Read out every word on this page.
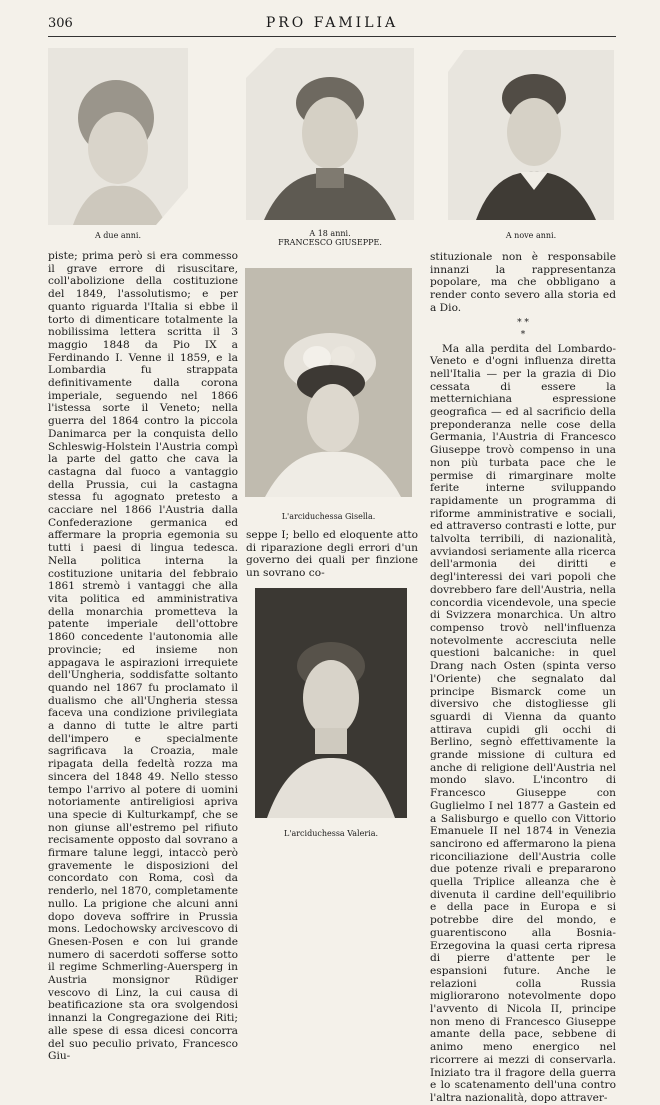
306	PRO FAMILIA
A due anni.	A 18 anni.
FRANCESCO GIUSEPPE.
A nove anni.

piste; prima però si era commesso il grave errore di risuscitare, coll'abolizione della costituzione del 1849, l'assolutismo; e per quanto riguarda l'Italia si ebbe il torto di dimenticare totalmente la nobilissima lettera scritta il 3 maggio 1848 da Pio IX a Ferdinando I. Venne il 1859, e la Lombardia fu strappata definitivamente dalla corona imperiale, seguendo nel 1866 l'istessa sorte il Veneto; nella guerra del 1864 contro la piccola Danimarca per la conquista dello Schleswig-Holstein l'Austria compì la parte del gatto che cava la castagna dal fuoco a vantaggio della Prussia, cui la castagna stessa fu agognato pretesto a cacciare nel 1866 l'Austria dalla Confederazione germanica ed affermare la propria egemonia su tutti i paesi di lingua tedesca. Nella politica interna la costituzione unitaria del febbraio 1861 stremò i vantaggi che alla vita politica ed amministrativa della monarchia prometteva la patente imperiale dell'ottobre 1860 concedente l'autonomia alle provincie; ed insieme non appagava le aspirazioni irrequiete dell'Ungheria, soddisfatte soltanto quando nel 1867 fu proclamato il dualismo che all'Ungheria stessa faceva una condizione privilegiata a danno di tutte le altre parti dell'impero e specialmente sagrificava la Croazia, male ripagata della fedeltà rozza ma sincera del 1848 49. Nello stesso tempo l'arrivo al potere di uomini notoriamente antireligiosi apriva una specie di Kulturkampf, che se non giunse all'estremo pel rifiuto recisamente opposto dal sovrano a firmare talune leggi, intaccò però gravemente le disposizioni del concordato con Roma, così da renderlo, nel 1870, completamente nullo. La prigione che alcuni anni dopo doveva soffrire in Prussia mons. Ledochowsky arcivescovo di Gnesen-Posen e con lui grande numero di sacerdoti sofferse sotto il regime Schmerling-Auersperg in Austria monsignor Rüdiger vescovo di Linz, la cui causa di beatificazione sta ora svolgendosi innanzi la Congregazione dei Riti; alle spese di essa dicesi concorra del suo peculio privato, Francesco Giu-

L'arciduchessa Gisella.

seppe I; bello ed eloquente atto di riparazione degli errori d'un governo dei quali per finzione un sovrano co-

L'arciduchessa Valeria.

stituzionale non è responsabile innanzi la rappresentanza popolare, ma che obbligano a render conto severo alla storia ed a Dio.

* *
*

Ma alla perdita del Lombardo-Veneto e d'ogni influenza diretta nell'Italia — per la grazia di Dio cessata di essere la metternichiana espressione geografica — ed al sacrificio della preponderanza nelle cose della Germania, l'Austria di Francesco Giuseppe trovò compenso in una non più turbata pace che le permise di rimarginare molte ferite interne sviluppando rapidamente un programma di riforme amministrative e sociali, ed attraverso contrasti e lotte, pur talvolta terribili, di nazionalità, avviandosi seriamente alla ricerca dell'armonia dei diritti e degl'interessi dei vari popoli che dovrebbero fare dell'Austria, nella concordia vicendevole, una specie di Svizzera monarchica. Un altro compenso trovò nell'influenza notevolmente accresciuta nelle questioni balcaniche: in quel Drang nach Osten (spinta verso l'Oriente) che segnalato dal principe Bismarck come un diversivo che distogliesse gli sguardi di Vienna da quanto attirava cupidi gli occhi di Berlino, segnò effettivamente la grande missione di cultura ed anche di religione dell'Austria nel mondo slavo. L'incontro di Francesco Giuseppe con Guglielmo I nel 1877 a Gastein ed a Salisburgo e quello con Vittorio Emanuele II nel 1874 in Venezia sancirono ed affermarono la piena riconciliazione dell'Austria colle due potenze rivali e prepararono quella Triplice alleanza che è divenuta il cardine dell'equilibrio e della pace in Europa e si potrebbe dire del mondo, e guarentiscono alla Bosnia-Erzegovina la quasi certa ripresa di pierre d'attente per le espansioni future. Anche le relazioni colla Russia migliorarono notevolmente dopo l'avvento di Nicola II, principe non meno di Francesco Giuseppe amante della pace, sebbene di animo meno energico nel ricorrere ai mezzi di conservarla. Iniziato tra il fragore della guerra e lo scatenamento dell'una contro l'altra nazionalità, dopo attraver-
